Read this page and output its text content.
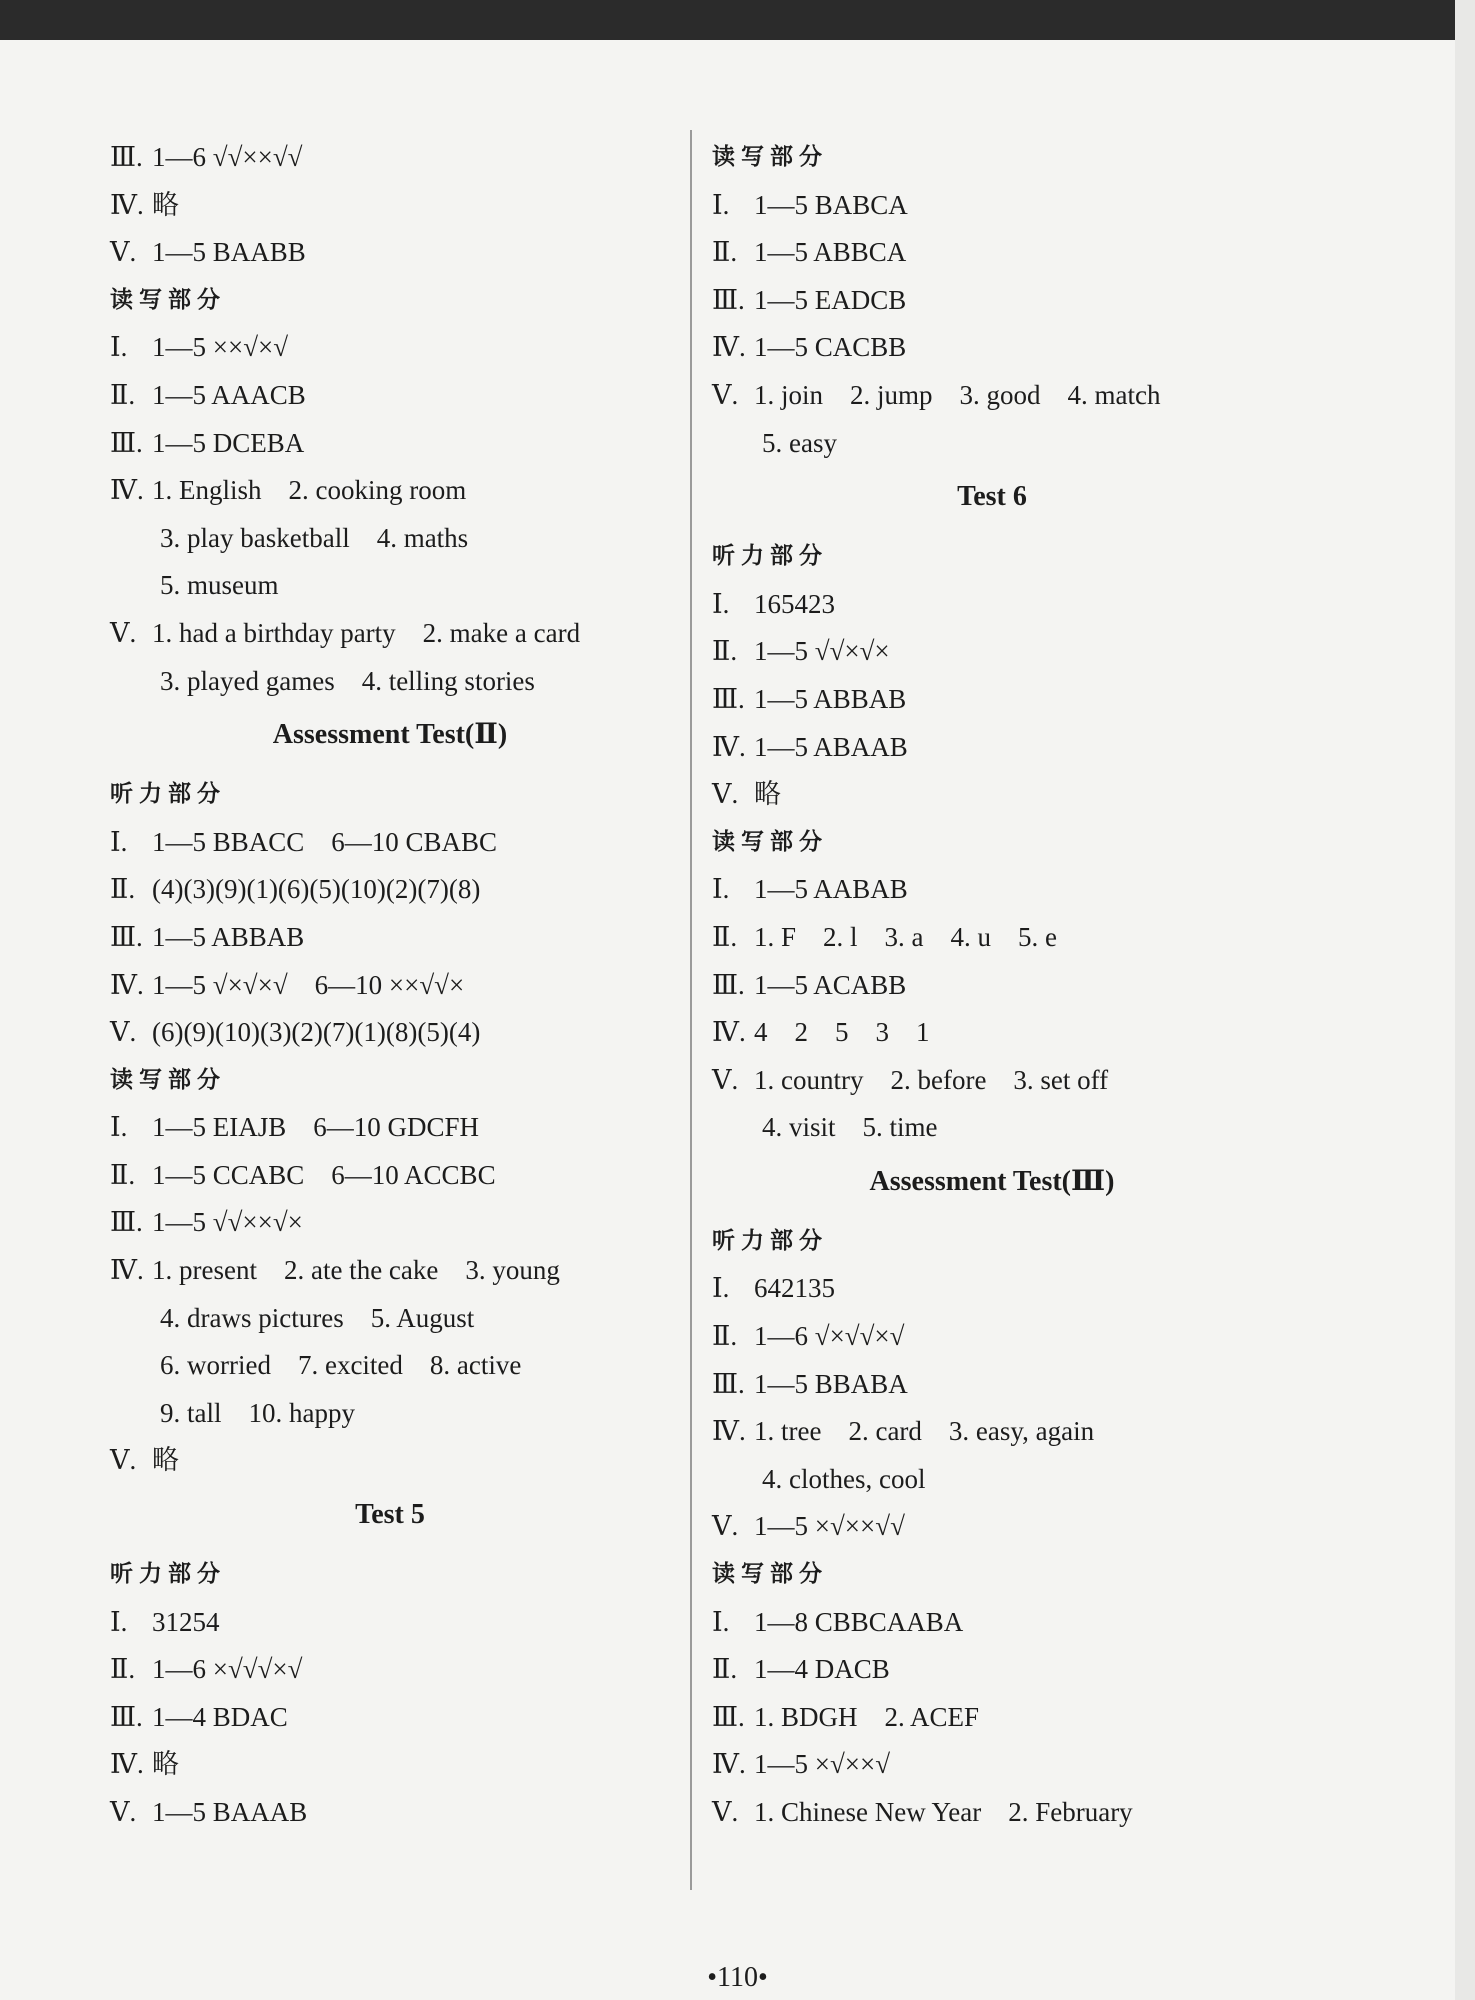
Ⅲ. 1—6 √√××√√
Ⅳ. 略
Ⅴ. 1—5 BAABB
读写部分
Ⅰ. 1—5 ××√×√
Ⅱ. 1—5 AAACB
Ⅲ. 1—5 DCEBA
Ⅳ. 1. English　2. cooking room
3. play basketball　4. maths
5. museum
Ⅴ. 1. had a birthday party　2. make a card
3. played games　4. telling stories
Assessment Test(Ⅱ)
听力部分
Ⅰ. 1—5 BBACC　6—10 CBABC
Ⅱ. (4)(3)(9)(1)(6)(5)(10)(2)(7)(8)
Ⅲ. 1—5 ABBAB
Ⅳ. 1—5 √×√×√　6—10 ××√√×
Ⅴ. (6)(9)(10)(3)(2)(7)(1)(8)(5)(4)
读写部分
Ⅰ. 1—5 EIAJB　6—10 GDCFH
Ⅱ. 1—5 CCABC　6—10 ACCBC
Ⅲ. 1—5 √√××√×
Ⅳ. 1. present　2. ate the cake　3. young
4. draws pictures　5. August
6. worried　7. excited　8. active
9. tall　10. happy
Ⅴ. 略
Test 5
听力部分
Ⅰ. 31254
Ⅱ. 1—6 ×√√√×√
Ⅲ. 1—4 BDAC
Ⅳ. 略
Ⅴ. 1—5 BAAAB
读写部分
Ⅰ. 1—5 BABCA
Ⅱ. 1—5 ABBCA
Ⅲ. 1—5 EADCB
Ⅳ. 1—5 CACBB
Ⅴ. 1. join　2. jump　3. good　4. match
5. easy
Test 6
听力部分
Ⅰ. 165423
Ⅱ. 1—5 √√×√×
Ⅲ. 1—5 ABBAB
Ⅳ. 1—5 ABAAB
Ⅴ. 略
读写部分
Ⅰ. 1—5 AABAB
Ⅱ. 1. F　2. l　3. a　4. u　5. e
Ⅲ. 1—5 ACABB
Ⅳ. 4　2　5　3　1
Ⅴ. 1. country　2. before　3. set off
4. visit　5. time
Assessment Test(Ⅲ)
听力部分
Ⅰ. 642135
Ⅱ. 1—6 √×√√×√
Ⅲ. 1—5 BBABA
Ⅳ. 1. tree　2. card　3. easy, again
4. clothes, cool
Ⅴ. 1—5 ×√××√√
读写部分
Ⅰ. 1—8 CBBCAABA
Ⅱ. 1—4 DACB
Ⅲ. 1. BDGH　2. ACEF
Ⅳ. 1—5 ×√××√
Ⅴ. 1. Chinese New Year　2. February
•110•
